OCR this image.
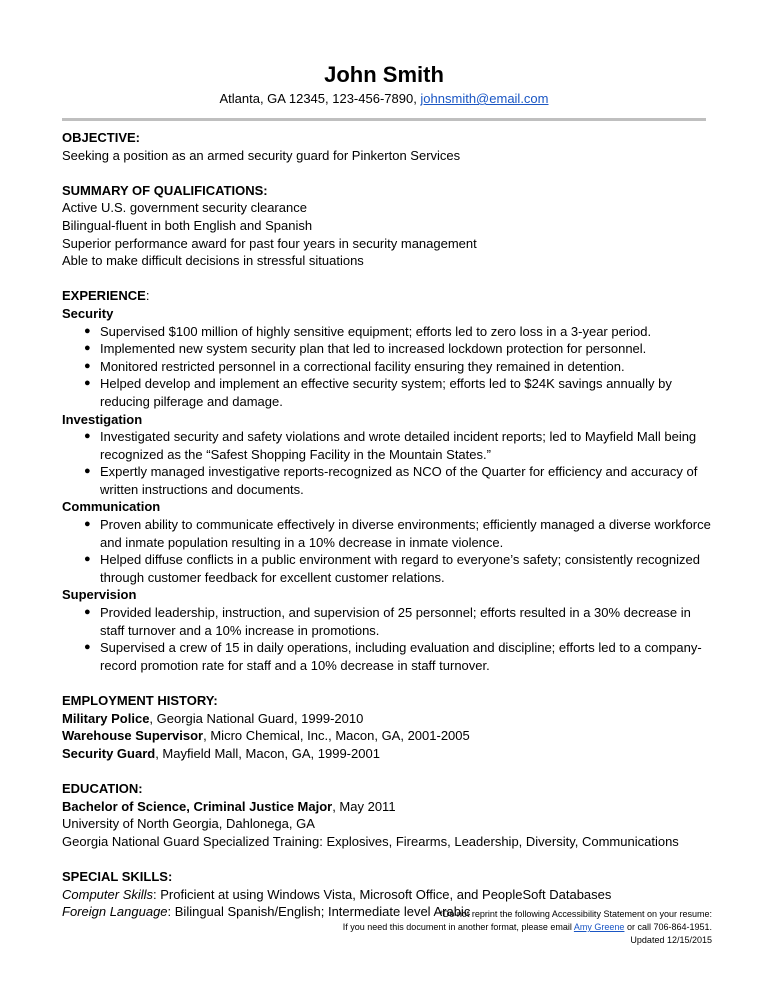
John Smith
Atlanta, GA 12345, 123-456-7890, johnsmith@email.com
OBJECTIVE:
Seeking a position as an armed security guard for Pinkerton Services
SUMMARY OF QUALIFICATIONS:
Active U.S. government security clearance
Bilingual-fluent in both English and Spanish
Superior performance award for past four years in security management
Able to make difficult decisions in stressful situations
EXPERIENCE:
Security
● Supervised $100 million of highly sensitive equipment; efforts led to zero loss in a 3-year period.
● Implemented new system security plan that led to increased lockdown protection for personnel.
● Monitored restricted personnel in a correctional facility ensuring they remained in detention.
● Helped develop and implement an effective security system; efforts led to $24K savings annually by reducing pilferage and damage.
Investigation
● Investigated security and safety violations and wrote detailed incident reports; led to Mayfield Mall being recognized as the “Safest Shopping Facility in the Mountain States.”
● Expertly managed investigative reports-recognized as NCO of the Quarter for efficiency and accuracy of written instructions and documents.
Communication
● Proven ability to communicate effectively in diverse environments; efficiently managed a diverse workforce and inmate population resulting in a 10% decrease in inmate violence.
● Helped diffuse conflicts in a public environment with regard to everyone’s safety; consistently recognized through customer feedback for excellent customer relations.
Supervision
● Provided leadership, instruction, and supervision of 25 personnel; efforts resulted in a 30% decrease in staff turnover and a 10% increase in promotions.
● Supervised a crew of 15 in daily operations, including evaluation and discipline; efforts led to a company-record promotion rate for staff and a 10% decrease in staff turnover.
EMPLOYMENT HISTORY:
Military Police, Georgia National Guard, 1999-2010
Warehouse Supervisor, Micro Chemical, Inc., Macon, GA, 2001-2005
Security Guard, Mayfield Mall, Macon, GA, 1999-2001
EDUCATION:
Bachelor of Science, Criminal Justice Major, May 2011
University of North Georgia, Dahlonega, GA
Georgia National Guard Specialized Training: Explosives, Firearms, Leadership, Diversity, Communications
SPECIAL SKILLS:
Computer Skills: Proficient at using Windows Vista, Microsoft Office, and PeopleSoft Databases
Foreign Language: Bilingual Spanish/English; Intermediate level Arabic
*Do not reprint the following Accessibility Statement on your resume:
If you need this document in another format, please email Amy Greene or call 706-864-1951.
Updated 12/15/2015
